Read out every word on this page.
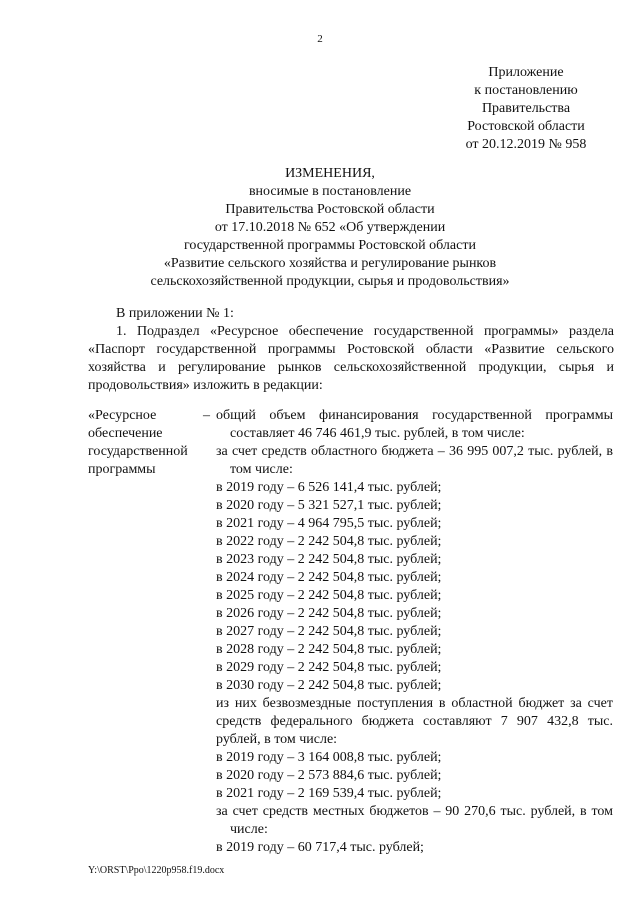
2
Приложение
к постановлению
Правительства
Ростовской области
от 20.12.2019 № 958
ИЗМЕНЕНИЯ,
вносимые в постановление
Правительства Ростовской области
от 17.10.2018 № 652 «Об утверждении
государственной программы Ростовской области
«Развитие сельского хозяйства и регулирование рынков
сельскохозяйственной продукции, сырья и продовольствия»

В приложении № 1:

1. Подраздел «Ресурсное обеспечение государственной программы» раздела «Паспорт государственной программы Ростовской области «Развитие сельского хозяйства и регулирование рынков сельскохозяйственной продукции, сырья и продовольствия» изложить в редакции:

«Ресурсное обеспечение государственной программы
– общий объем финансирования государственной программы составляет 46 746 461,9 тыс. рублей, в том числе:

за счет средств областного бюджета – 36 995 007,2 тыс. рублей, в том числе:

в 2019 году – 6 526 141,4 тыс. рублей;

в 2020 году – 5 321 527,1 тыс. рублей;

в 2021 году – 4 964 795,5 тыс. рублей;

в 2022 году – 2 242 504,8 тыс. рублей;

в 2023 году – 2 242 504,8 тыс. рублей;

в 2024 году – 2 242 504,8 тыс. рублей;

в 2025 году – 2 242 504,8 тыс. рублей;

в 2026 году – 2 242 504,8 тыс. рублей;

в 2027 году – 2 242 504,8 тыс. рублей;

в 2028 году – 2 242 504,8 тыс. рублей;

в 2029 году – 2 242 504,8 тыс. рублей;

в 2030 году – 2 242 504,8 тыс. рублей;

из них безвозмездные поступления в областной бюджет за счет средств федерального бюджета составляют 7 907 432,8 тыс. рублей, в том числе:

в 2019 году – 3 164 008,8 тыс. рублей;

в 2020 году – 2 573 884,6 тыс. рублей;

в 2021 году – 2 169 539,4 тыс. рублей;

за счет средств местных бюджетов – 90 270,6 тыс. рублей, в том числе:

в 2019 году – 60 717,4 тыс. рублей;

Y:\ORST\Ppo\1220p958.f19.docx
